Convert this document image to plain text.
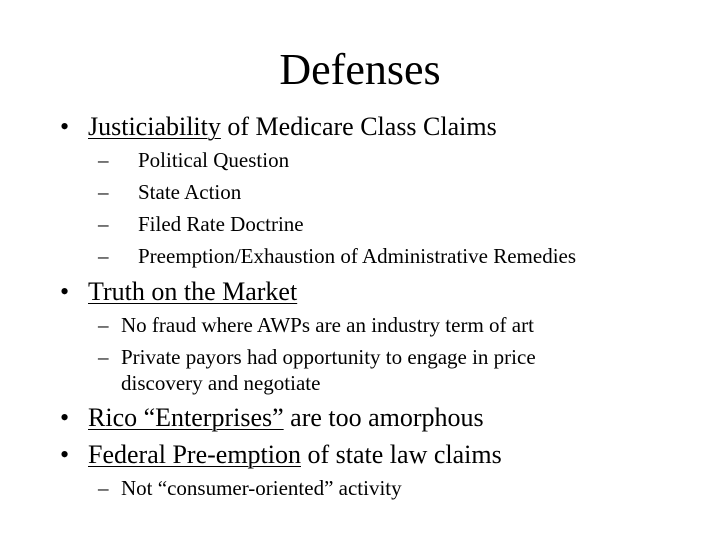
Defenses
• Justiciability of Medicare Class Claims
– Political Question
– State Action
– Filed Rate Doctrine
– Preemption/Exhaustion of Administrative Remedies
• Truth on the Market
– No fraud where AWPs are an industry term of art
– Private payors had opportunity to engage in price
discovery and negotiate
• Rico “Enterprises” are too amorphous
• Federal Pre-emption of state law claims
– Not “consumer-oriented” activity
